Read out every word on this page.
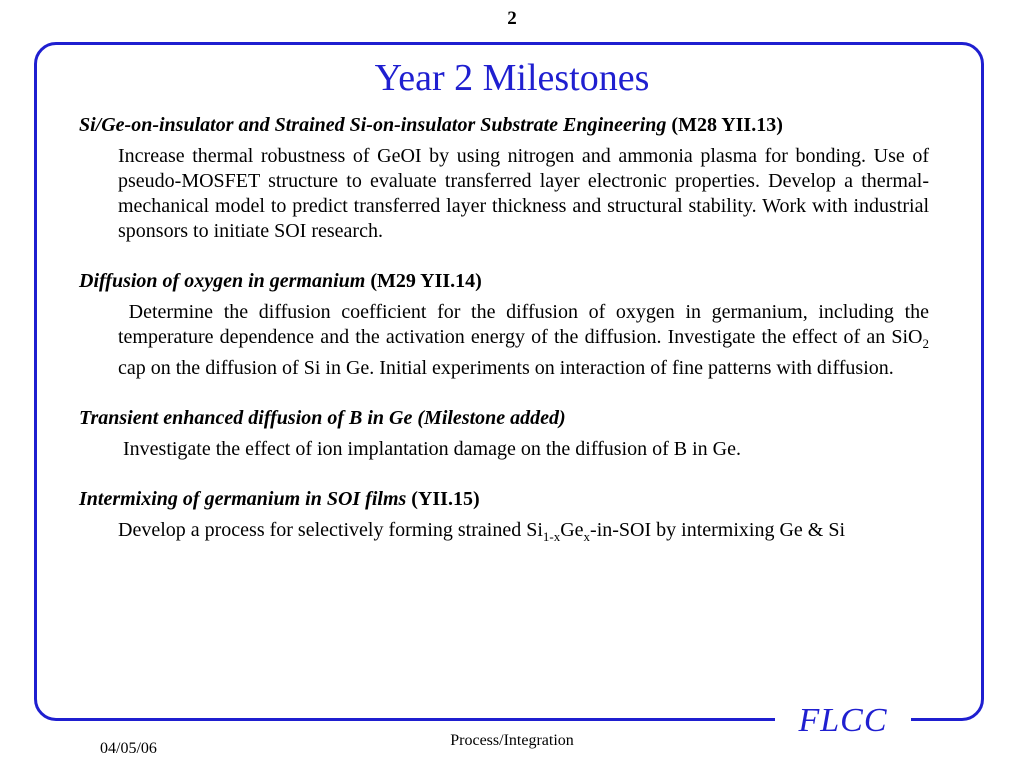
2
FLCC
Year 2 Milestones

Si/Ge-on-insulator and Strained Si-on-insulator Substrate Engineering (M28 YII.13)

Increase thermal robustness of GeOI by using nitrogen and ammonia plasma for bonding. Use of pseudo-MOSFET structure to evaluate transferred layer electronic properties. Develop a thermal-mechanical model to predict transferred layer thickness and structural stability. Work with industrial sponsors to initiate SOI research.

Diffusion of oxygen in germanium (M29 YII.14)

Determine the diffusion coefficient for the diffusion of oxygen in germanium, including the temperature dependence and the activation energy of the diffusion. Investigate the effect of an SiO$_2$ cap on the diffusion of Si in Ge. Initial experiments on interaction of fine patterns with diffusion.

Transient enhanced diffusion of B in Ge (Milestone added)

Investigate the effect of ion implantation damage on the diffusion of B in Ge.

Intermixing of germanium in SOI films (YII.15)

Develop a process for selectively forming strained $Si_{1-x}Ge_x-in$-SOI by intermixing Ge & Si

04/05/06	Process/Integration
